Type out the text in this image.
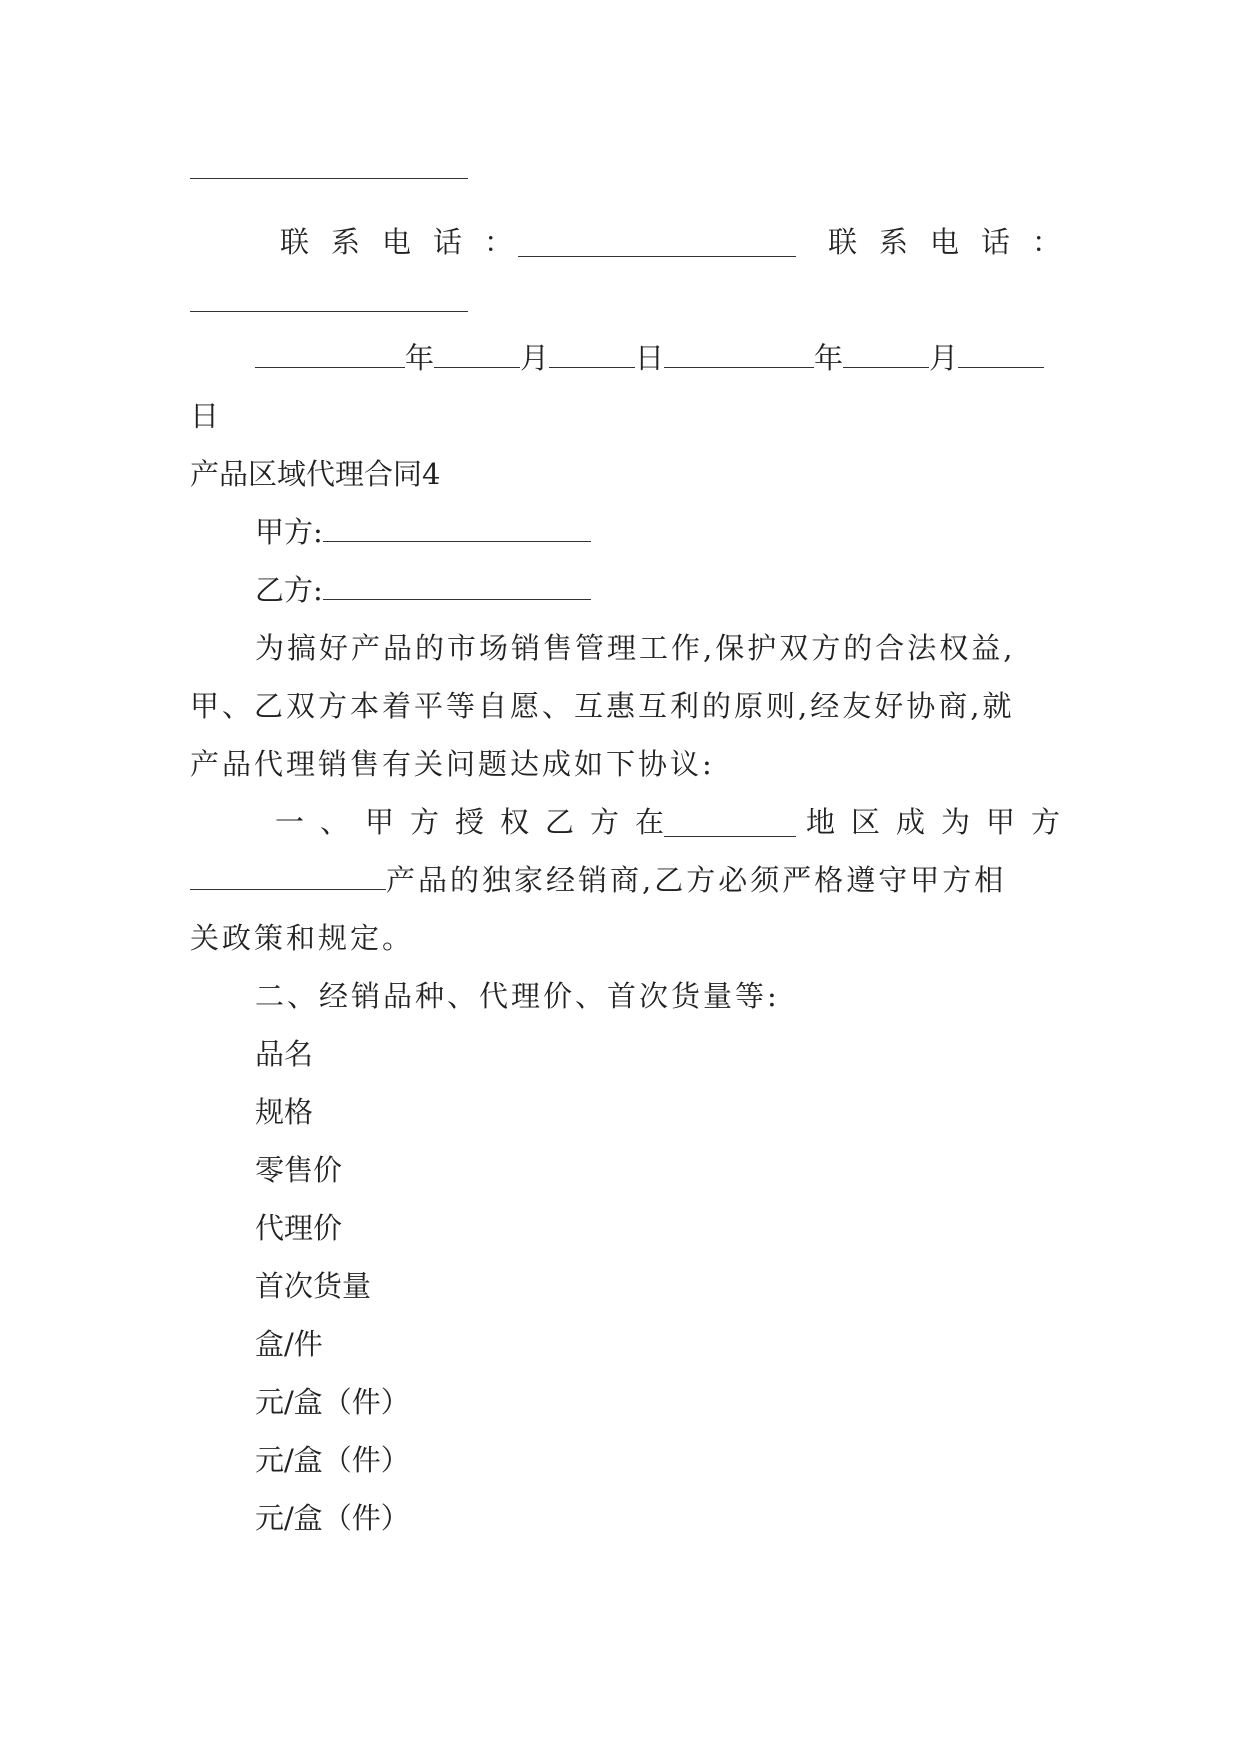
联系电话：	联系电话：
年	月	日	年	月
日
产品区域代理合同4
甲方:
乙方:
为搞好产品的市场销售管理工作,保护双方的合法权益,
甲、乙双方本着平等自愿、互惠互利的原则,经友好协商,就
产品代理销售有关问题达成如下协议:
一、甲方授权乙方在	地区成为甲方
产品的独家经销商,乙方必须严格遵守甲方相
关政策和规定。
二、经销品种、代理价、首次货量等:
品名
规格
零售价
代理价
首次货量
盒/件
元/盒（件）
元/盒（件）
元/盒（件）
